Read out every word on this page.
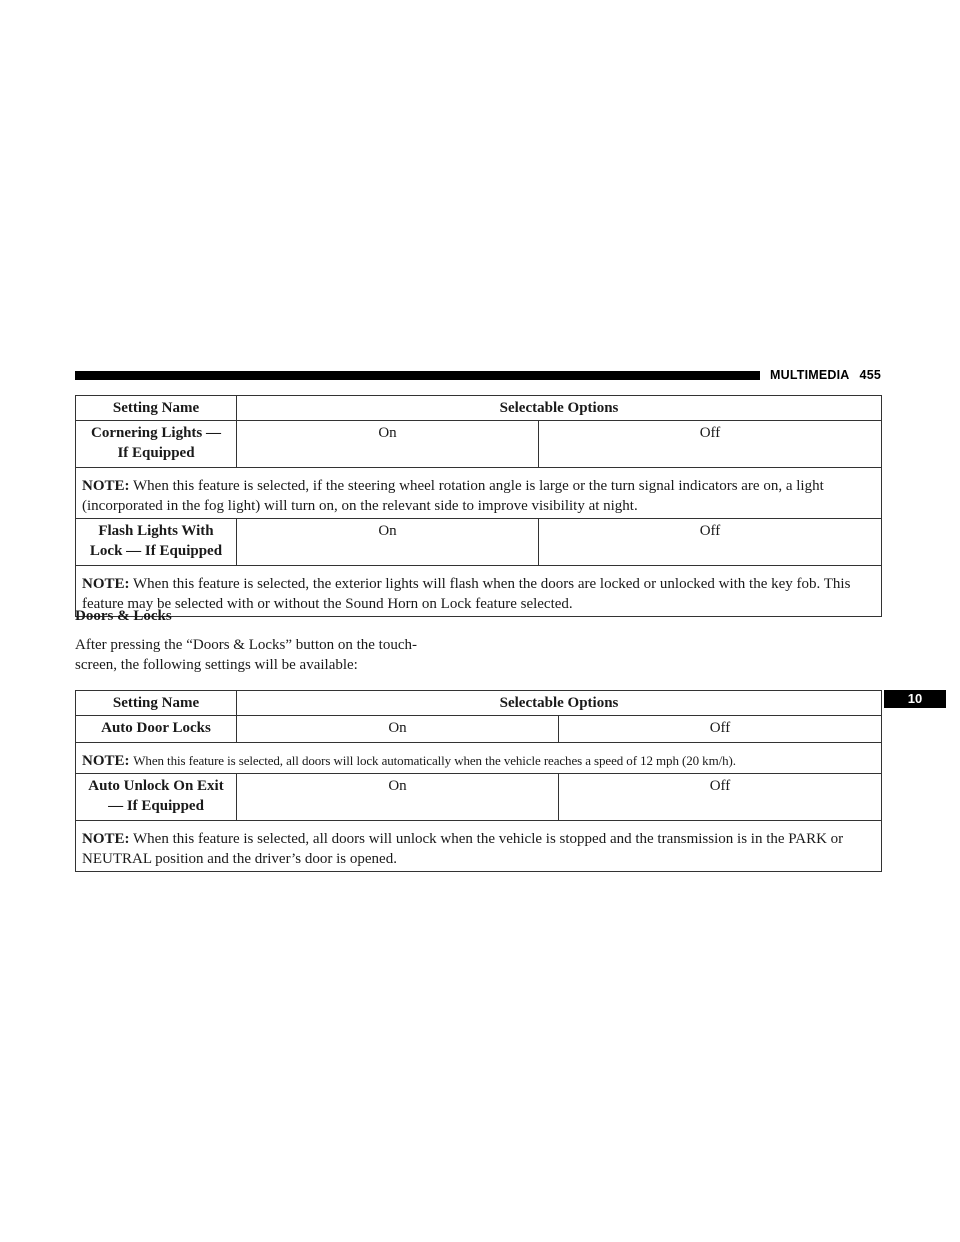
MULTIMEDIA 455
Setting Name	Selectable Options	
Cornering Lights —
If Equipped	On	Off
NOTE: When this feature is selected, if the steering wheel rotation angle is large or the turn signal indicators are on, a light (incorporated in the fog light) will turn on, on the relevant side to improve visibility at night.		
Flash Lights With
Lock — If Equipped	On	Off
NOTE: When this feature is selected, the exterior lights will flash when the doors are locked or unlocked with the key fob. This feature may be selected with or without the Sound Horn on Lock feature selected.		
Doors & Locks
After pressing the “Doors & Locks” button on the touch-
screen, the following settings will be available:
10
Setting Name	Selectable Options	
Auto Door Locks	On	Off
NOTE: When this feature is selected, all doors will lock automatically when the vehicle reaches a speed of 12 mph (20 km/h).		
Auto Unlock On Exit
— If Equipped	On	Off
NOTE: When this feature is selected, all doors will unlock when the vehicle is stopped and the transmission is in the PARK or NEUTRAL position and the driver’s door is opened.		
carmanualsonline.info
